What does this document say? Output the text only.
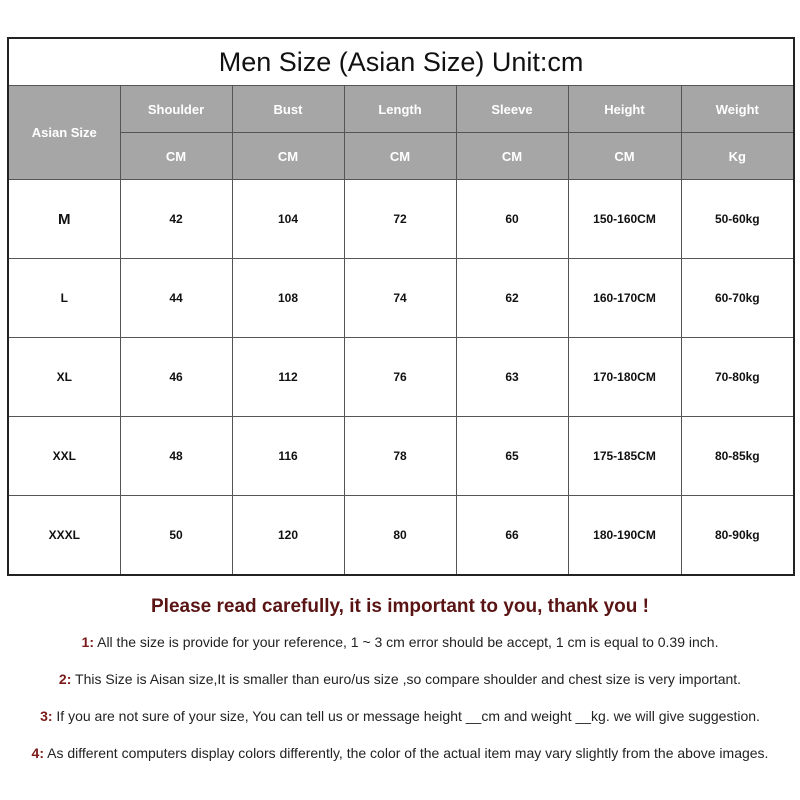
Men Size (Asian Size) Unit:cm						
Asian Size	Shoulder	Bust	Length	Sleeve	Height	Weight
	CM	CM	CM	CM	CM	Kg
M	42	104	72	60	150-160CM	50-60kg
L	44	108	74	62	160-170CM	60-70kg
XL	46	112	76	63	170-180CM	70-80kg
XXL	48	116	78	65	175-185CM	80-85kg
XXXL	50	120	80	66	180-190CM	80-90kg

Please read carefully, it is important to you, thank you !

1: All the size is provide for your reference, 1 ~ 3 cm error should be accept, 1 cm is equal to 0.39 inch.
2: This Size is Aisan size,It is smaller than euro/us size ,so compare shoulder and chest size is very important.
3: If you are not sure of your size, You can tell us or message height __cm and weight __kg. we will give suggestion.
4: As different computers display colors differently, the color of the actual item may vary slightly from the above images.
